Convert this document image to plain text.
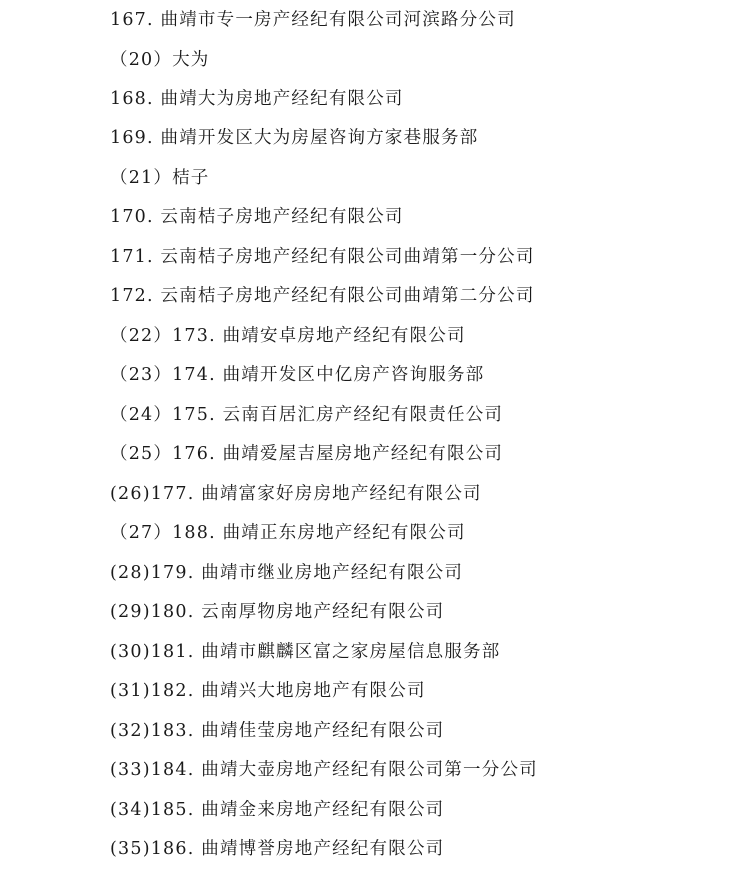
167. 曲靖市专一房产经纪有限公司河滨路分公司
（20）大为
168. 曲靖大为房地产经纪有限公司
169. 曲靖开发区大为房屋咨询方家巷服务部
（21）桔子
170. 云南桔子房地产经纪有限公司
171. 云南桔子房地产经纪有限公司曲靖第一分公司
172. 云南桔子房地产经纪有限公司曲靖第二分公司
（22）173. 曲靖安卓房地产经纪有限公司
（23）174. 曲靖开发区中亿房产咨询服务部
（24）175. 云南百居汇房产经纪有限责任公司
（25）176. 曲靖爱屋吉屋房地产经纪有限公司
(26)177. 曲靖富家好房房地产经纪有限公司
（27）188. 曲靖正东房地产经纪有限公司
(28)179. 曲靖市继业房地产经纪有限公司
(29)180. 云南厚物房地产经纪有限公司
(30)181. 曲靖市麒麟区富之家房屋信息服务部
(31)182. 曲靖兴大地房地产有限公司
(32)183. 曲靖佳莹房地产经纪有限公司
(33)184. 曲靖大壶房地产经纪有限公司第一分公司
(34)185. 曲靖金来房地产经纪有限公司
(35)186. 曲靖博誉房地产经纪有限公司
